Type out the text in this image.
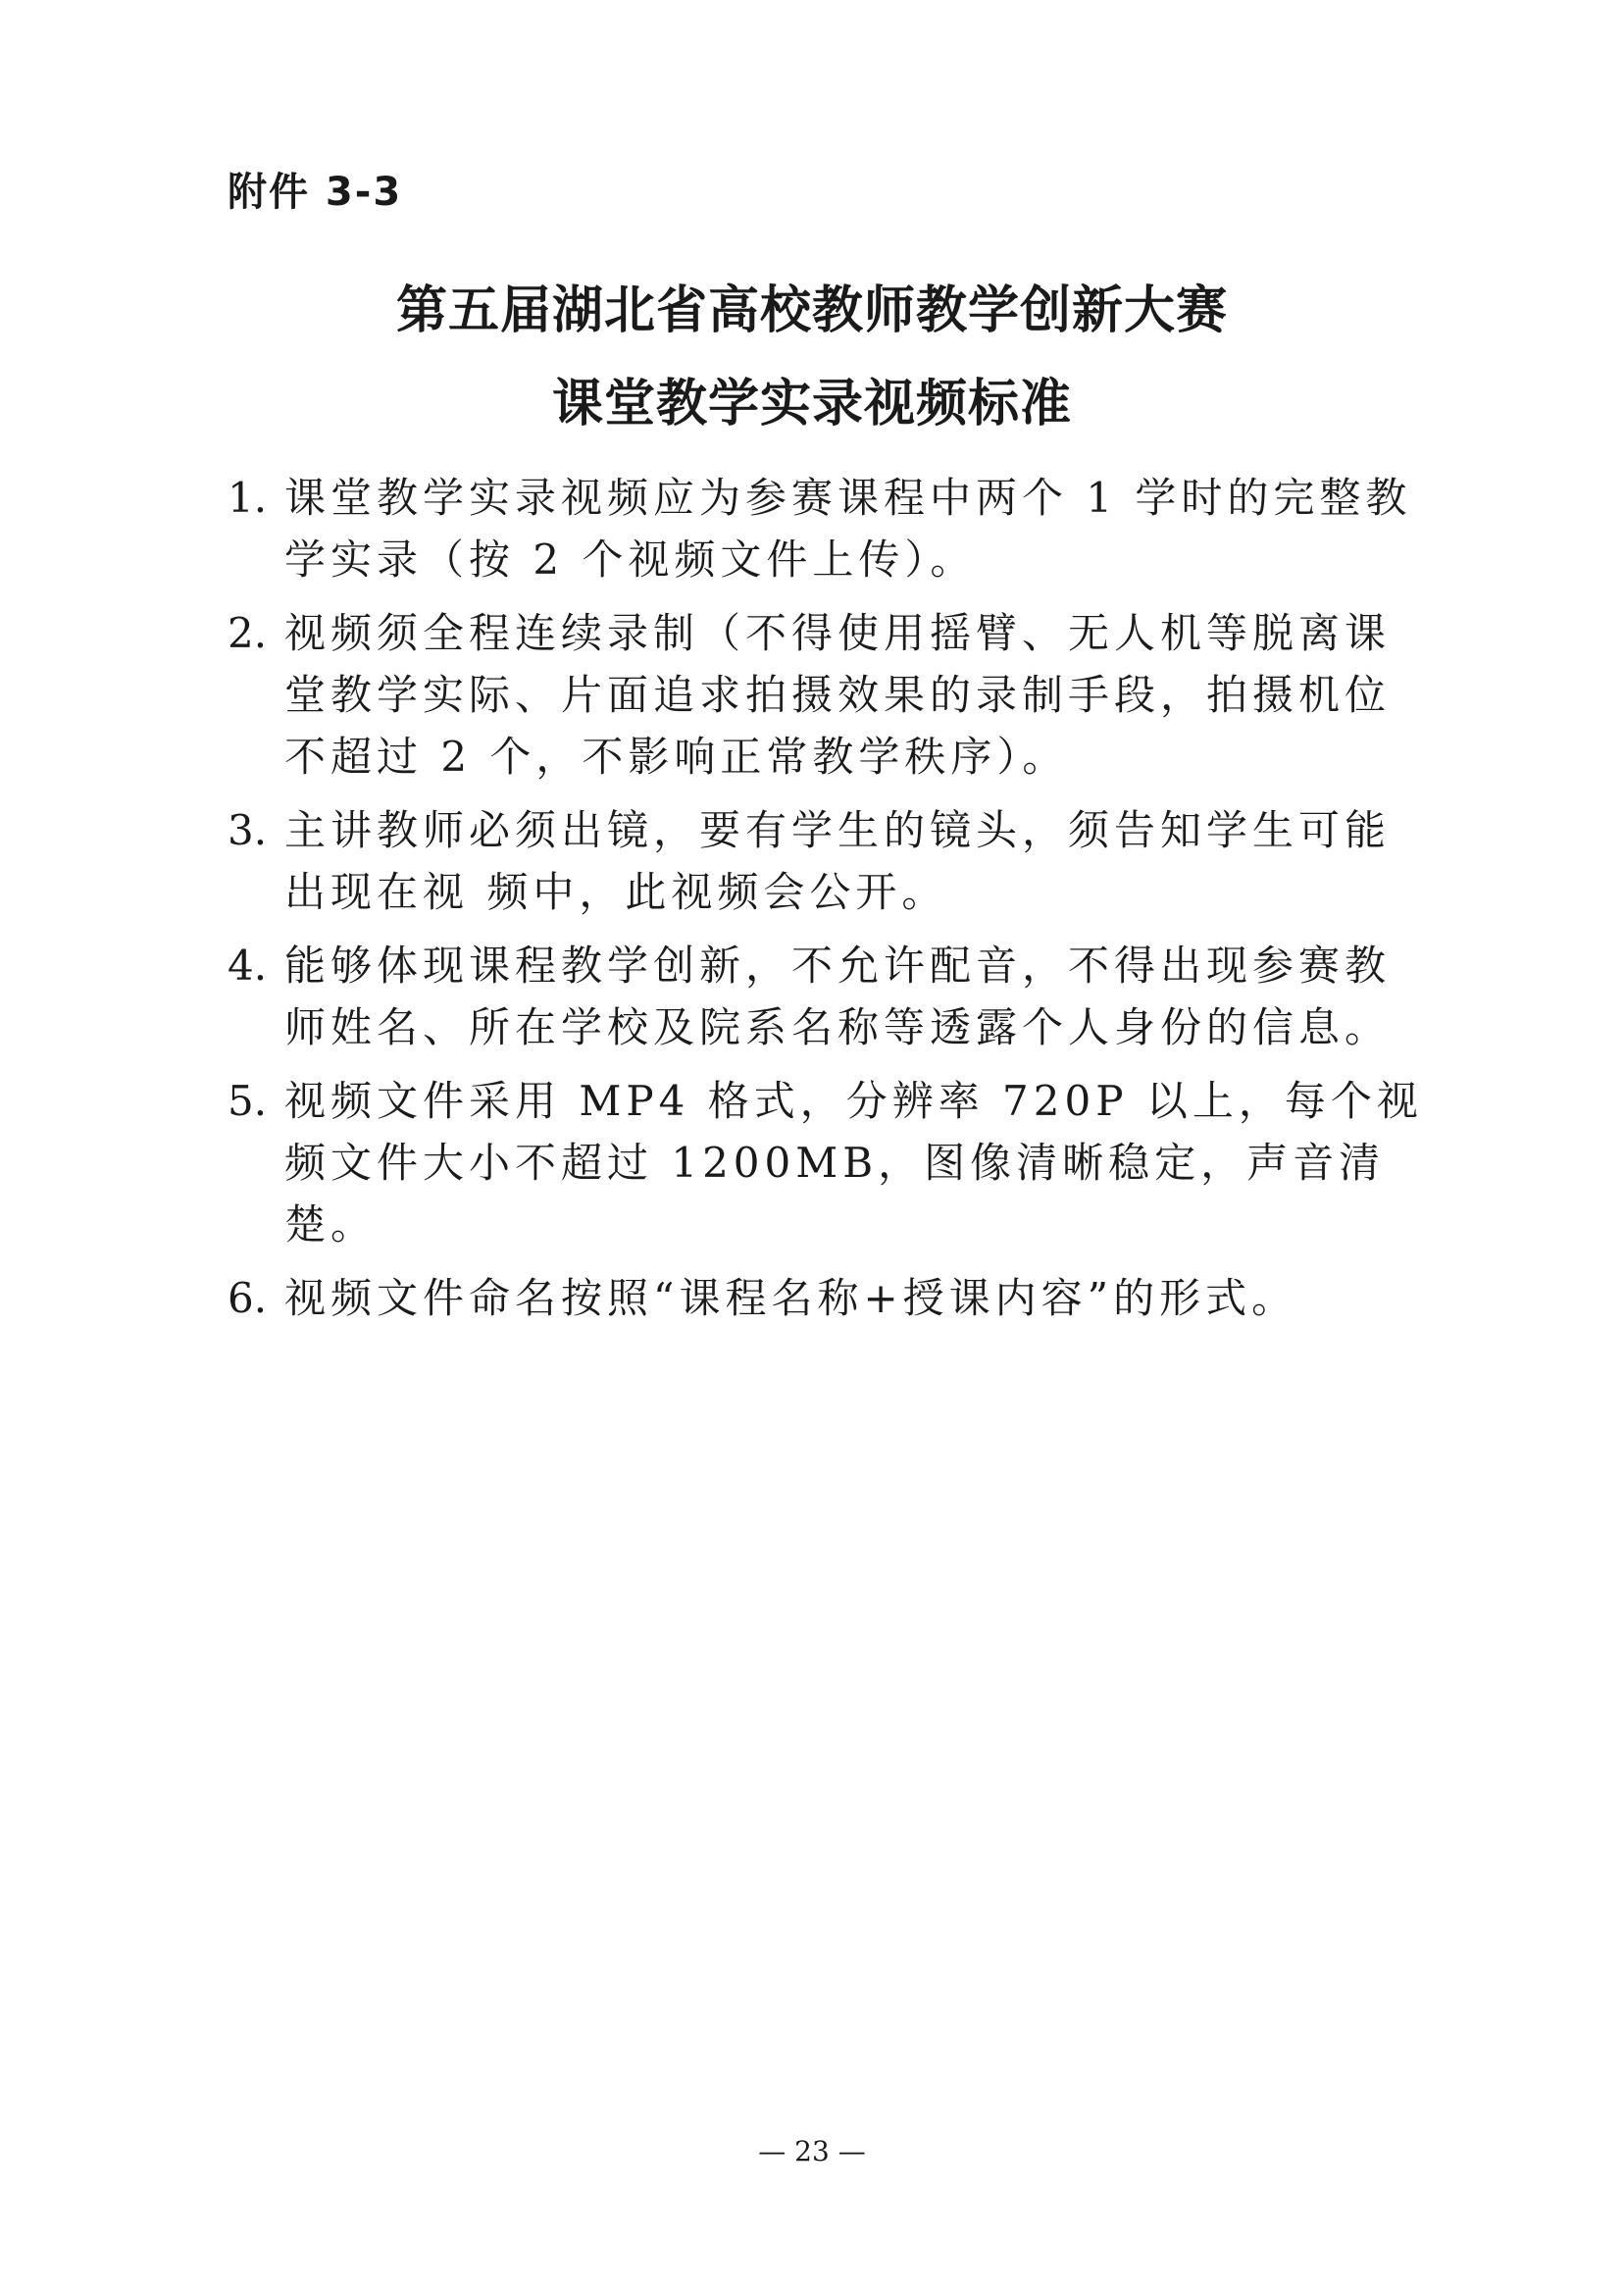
附件 3-3
第五届湖北省高校教师教学创新大赛
课堂教学实录视频标准
1. 课堂教学实录视频应为参赛课程中两个 1 学时的完整教学实录（按 2 个视频文件上传）。
2. 视频须全程连续录制（不得使用摇臂、无人机等脱离课堂教学实际、片面追求拍摄效果的录制手段，拍摄机位不超过 2 个，不影响正常教学秩序）。
3. 主讲教师必须出镜，要有学生的镜头，须告知学生可能出现在视 频中，此视频会公开。
4. 能够体现课程教学创新，不允许配音，不得出现参赛教师姓名、所在学校及院系名称等透露个人身份的信息。
5. 视频文件采用 MP4 格式，分辨率 720P 以上，每个视频文件大小不超过 1200MB，图像清晰稳定，声音清楚。
6. 视频文件命名按照“课程名称+授课内容”的形式。
— 23 —
